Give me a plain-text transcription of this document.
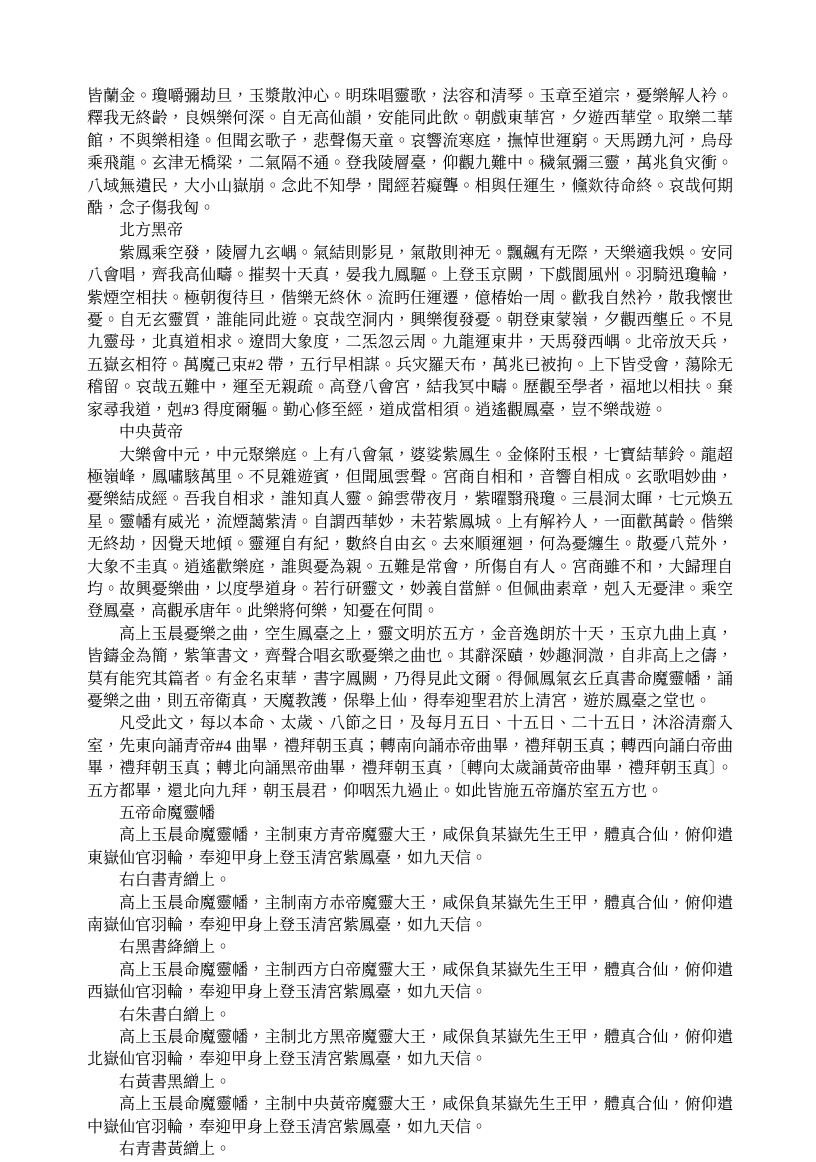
皆蘭金。瓊嚼彌劫旦，玉漿散沖心。明珠唱靈歌，法容和清琴。玉章至道宗，憂樂解人衿。釋我无終齡，良娛樂何深。自无高仙韻，安能同此飲。朝戲東華宮，夕遊西華堂。取樂二華館，不與樂相逢。但聞玄歌子，悲聲傷天童。哀響流寒庭，撫悼世運窮。天馬踴九河，烏母乘飛龍。玄津无橋梁，二氣隔不通。登我陵層臺，仰觀九難中。穢氣彌三靈，萬兆負灾衝。八域無遺民，大小山嶽崩。念此不知學，聞經若癡聾。相與任運生，儵欻待命終。哀哉何期酷，念子傷我匈。

北方黑帝

紫鳳乘空發，陵層九玄嵎。氣結則影見，氣散則神无。飄飆有无際，天樂適我娛。安同八會唱，齊我高仙疇。摧契十天真，晏我九鳳驅。上登玉京闕，下戲閬風州。羽騎迅瓊輪，紫煙空相扶。極朝復待旦，偕樂无終休。流眄任運遷，億椿始一周。歡我自然衿，散我懷世憂。自无玄靈質，誰能同此遊。哀哉空洞内，興樂復發憂。朝登東蒙嶺，夕觀西壟丘。不見九靈母，北真道相求。遼問大象度，二炁忽云周。九龍運東井，天馬發西嵎。北帝放天兵，五嶽玄相符。萬魔己束#2 帶，五行早相謀。兵灾羅天布，萬兆已被拘。上下皆受會，蕩除无稽留。哀哉五難中，運至无親疏。高登八會宮，結我冥中疇。歷觀至學者，福地以相扶。棄家尋我道，剋#3 得度爾軀。勤心修至經，道成當相須。逍遙觀鳳臺，豈不樂哉遊。

中央黃帝

大樂會中元，中元聚樂庭。上有八會氣，婆娑紫鳳生。金條附玉根，七寶結華鈴。龍超極嶺峰，鳳嘯駭萬里。不見雜遊賓，但聞風雲聲。宮商自相和，音響自相成。玄歌唱妙曲，憂樂結成經。吾我自相求，誰知真人靈。錦雲帶夜月，紫曜翳飛瓊。三晨洞太暉，七元煥五星。靈幡有威光，流煙藹紫清。自謂西華妙，未若紫鳳城。上有解衿人，一面歡萬齡。偕樂无終劫，因覺天地傾。靈運自有紀，數終自由玄。去來順運迴，何為憂纏生。散憂八荒外，大象不圭真。逍遙歡樂庭，誰與憂為親。五難是常會，所傷自有人。宮商雖不和，大歸理自均。故興憂樂曲，以度學道身。若行研靈文，妙義自當鮮。但佩曲素章，剋入无憂津。乘空登鳳臺，高觀承唐年。此樂將何樂，知憂在何間。

高上玉晨憂樂之曲，空生鳳臺之上，靈文明於五方，金音逸朗於十天，玉京九曲上真，皆鑄金為簡，紫筆書文，齊聲合唱玄歌憂樂之曲也。其辭深賾，妙趣洞溦，自非高上之儔，莫有能究其篇者。有金名束華，書字鳳闕，乃得見此文爾。得佩鳳氣玄丘真書命魔靈幡，誦憂樂之曲，則五帝衛真，天魔教護，保舉上仙，得奉迎聖君於上清宮，遊於鳳臺之堂也。

凡受此文，每以本命、太歲、八節之日，及每月五日、十五日、二十五日，沐浴清齋入室，先東向誦青帝#4 曲畢，禮拜朝玉真；轉南向誦赤帝曲畢，禮拜朝玉真；轉西向誦白帝曲畢，禮拜朝玉真；轉北向誦黑帝曲畢，禮拜朝玉真，〔轉向太歲誦黃帝曲畢，禮拜朝玉真〕。五方都畢，還北向九拜，朝玉晨君，仰咽炁九過止。如此皆施五帝旛於室五方也。

五帝命魔靈幡

高上玉晨命魔靈幡，主制東方青帝魔靈大王，咸保負某嶽先生王甲，體真合仙，俯仰遣東嶽仙官羽輪，奉迎甲身上登玉清宮紫鳳臺，如九天信。

右白書青繒上。

高上玉晨命魔靈幡，主制南方赤帝魔靈大王，咸保負某嶽先生王甲，體真合仙，俯仰遣南嶽仙官羽輪，奉迎甲身上登玉清宮紫鳳臺，如九天信。

右黑書絳繒上。

高上玉晨命魔靈幡，主制西方白帝魔靈大王，咸保負某嶽先生王甲，體真合仙，俯仰遣西嶽仙官羽輪，奉迎甲身上登玉清宮紫鳳臺，如九天信。

右朱書白繒上。

高上玉晨命魔靈幡，主制北方黑帝魔靈大王，咸保負某嶽先生王甲，體真合仙，俯仰遣北嶽仙官羽輪，奉迎甲身上登玉清宮紫鳳臺，如九天信。

右黃書黑繒上。

高上玉晨命魔靈幡，主制中央黃帝魔靈大王，咸保負某嶽先生王甲，體真合仙，俯仰遣中嶽仙官羽輪，奉迎甲身上登玉清宮紫鳳臺，如九天信。

右青書黃繒上。
